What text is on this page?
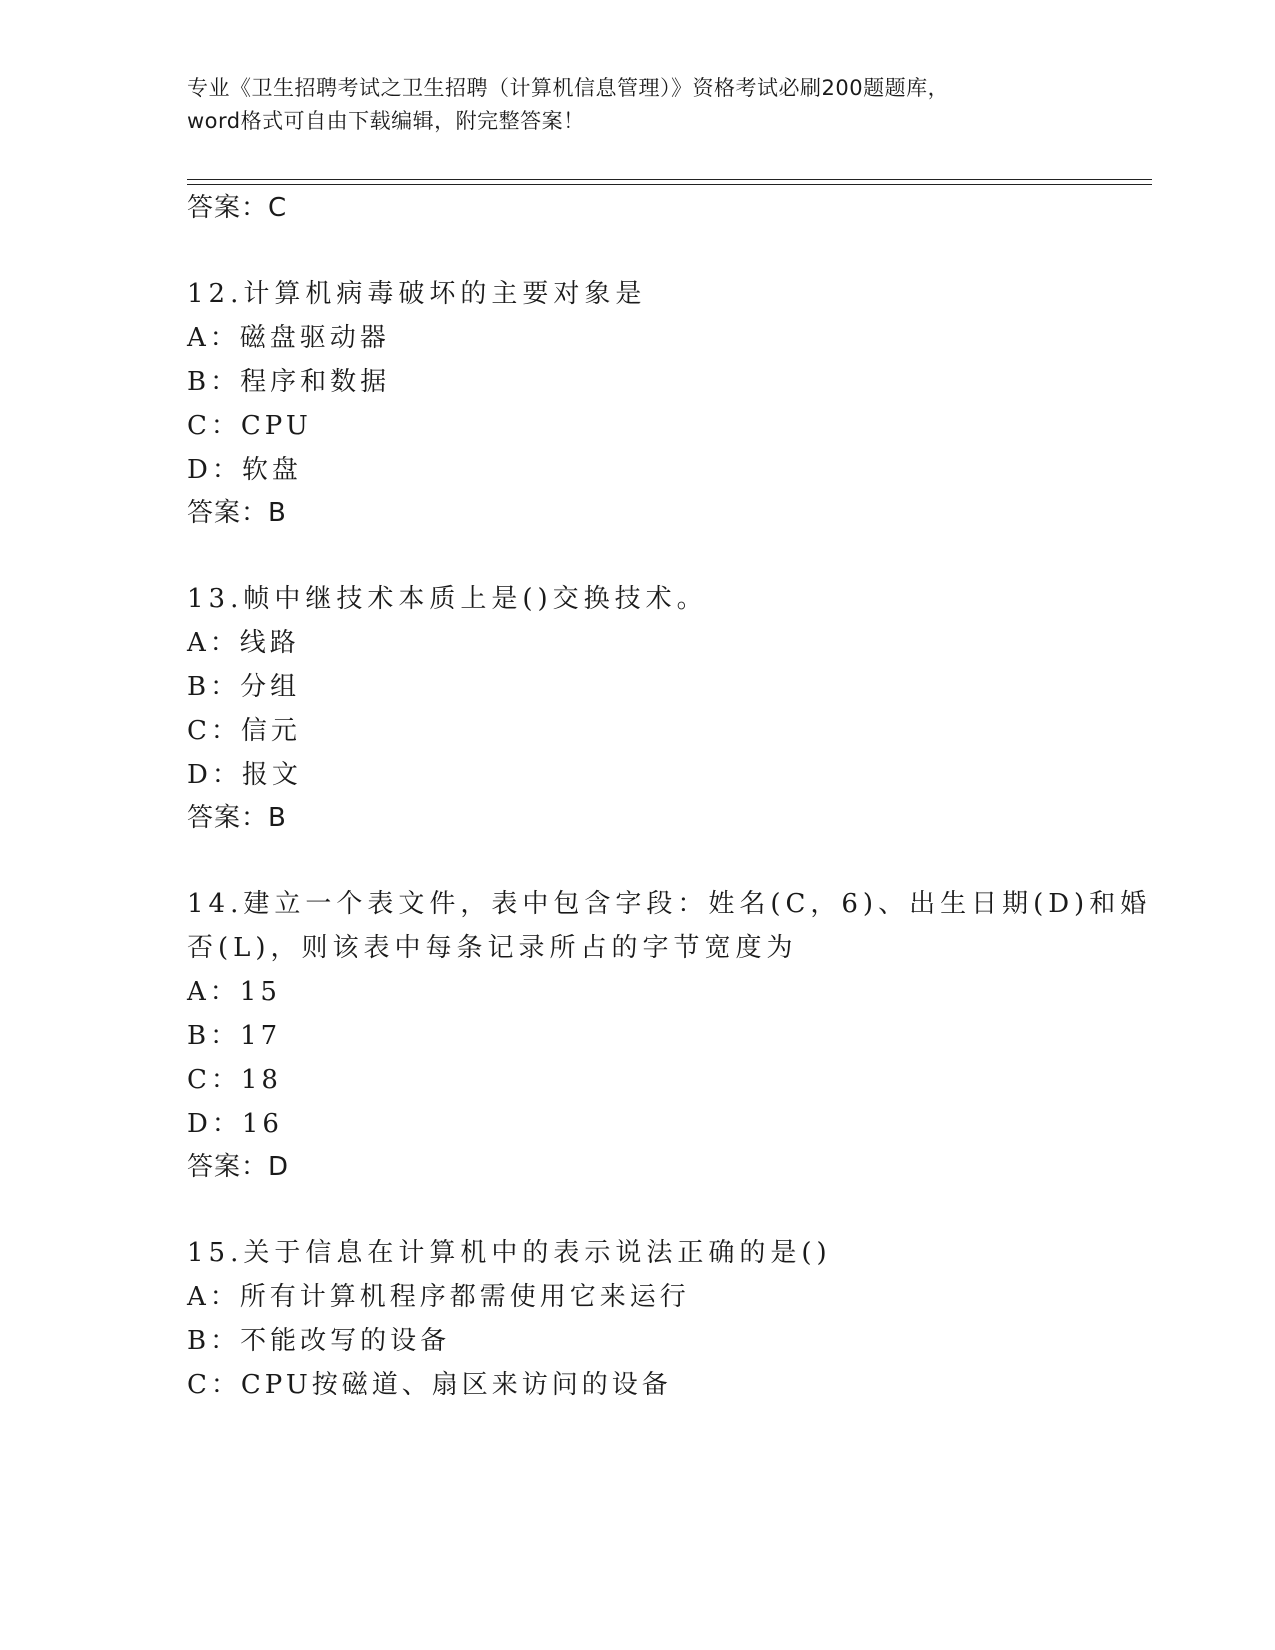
专业《卫生招聘考试之卫生招聘（计算机信息管理）》资格考试必刷200题题库，
word格式可自由下载编辑，附完整答案！
答案：C
12.计算机病毒破坏的主要对象是
A：磁盘驱动器
B：程序和数据
C：CPU
D：软盘
答案：B
13.帧中继技术本质上是()交换技术。
A：线路
B：分组
C：信元
D：报文
答案：B
14.建立一个表文件，表中包含字段：姓名(C，6)、出生日期(D)和婚
否(L)，则该表中每条记录所占的字节宽度为
A：15
B：17
C：18
D：16
答案：D
15.关于信息在计算机中的表示说法正确的是()
A：所有计算机程序都需使用它来运行
B：不能改写的设备
C：CPU按磁道、扇区来访问的设备
